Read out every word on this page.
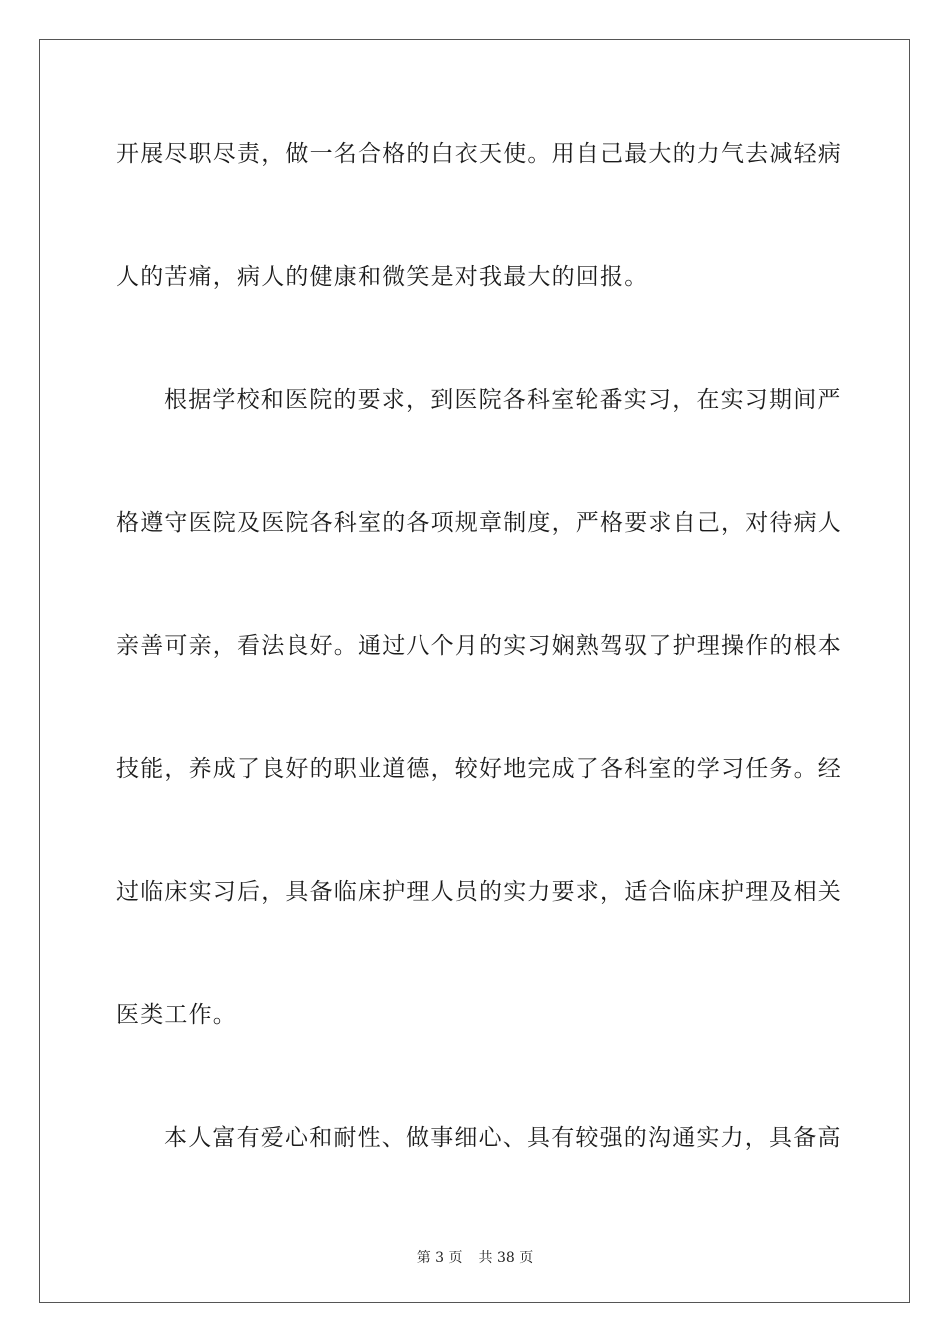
开展尽职尽责，做一名合格的白衣天使。用自己最大的力气去减轻病
人的苦痛，病人的健康和微笑是对我最大的回报。
根据学校和医院的要求，到医院各科室轮番实习，在实习期间严
格遵守医院及医院各科室的各项规章制度，严格要求自己，对待病人
亲善可亲，看法良好。通过八个月的实习娴熟驾驭了护理操作的根本
技能，养成了良好的职业道德，较好地完成了各科室的学习任务。经
过临床实习后，具备临床护理人员的实力要求，适合临床护理及相关
医类工作。
本人富有爱心和耐性、做事细心、具有较强的沟通实力，具备高
第 3 页 共 38 页
